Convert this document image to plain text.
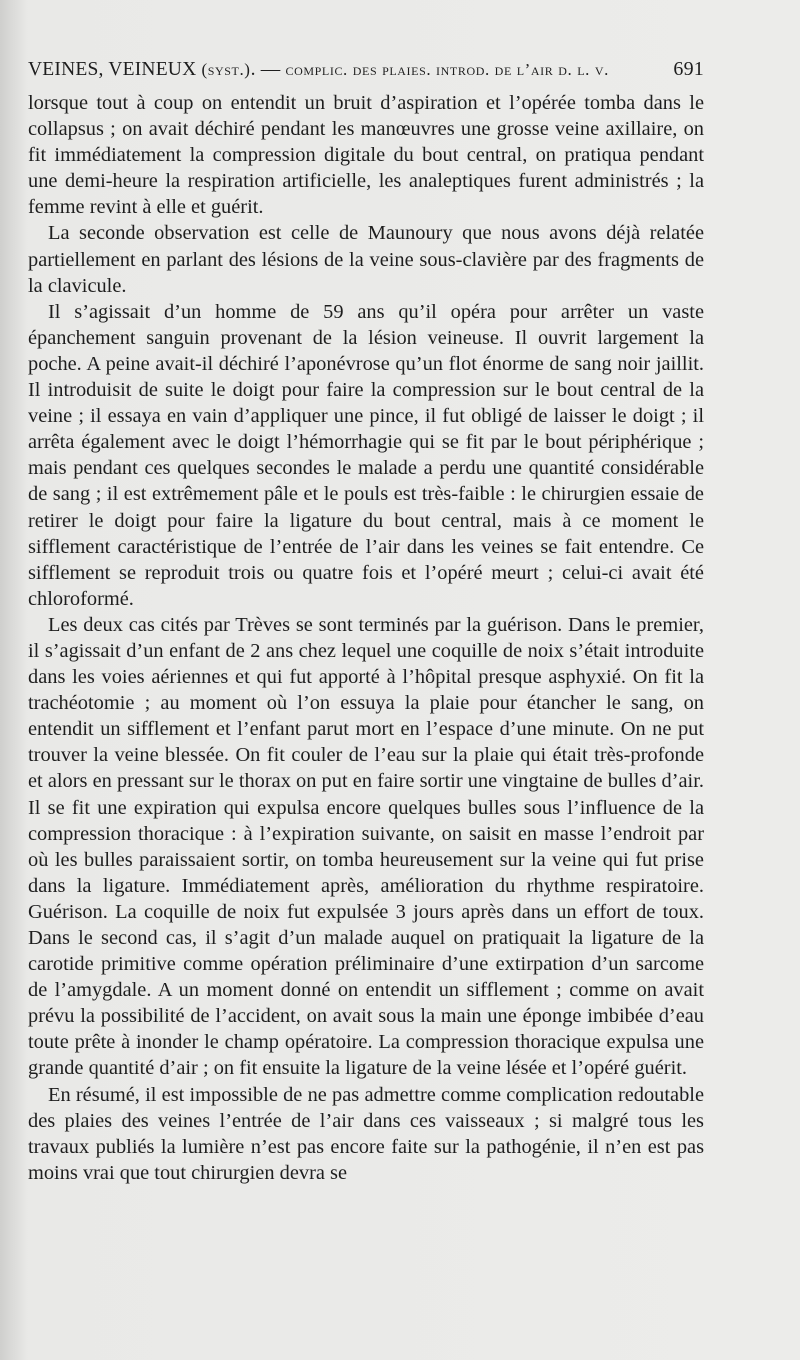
VEINES, VEINEUX (syst.). — complic. des plaies. introd. de l’air d. l. v.	691

lorsque tout à coup on entendit un bruit d’aspiration et l’opérée tomba dans le collapsus ; on avait déchiré pendant les manœuvres une grosse veine axillaire, on fit immédiatement la compression digitale du bout central, on pratiqua pendant une demi-heure la respiration artificielle, les analeptiques furent administrés ; la femme revint à elle et guérit.

La seconde observation est celle de Maunoury que nous avons déjà relatée partiellement en parlant des lésions de la veine sous-clavière par des fragments de la clavicule.

Il s’agissait d’un homme de 59 ans qu’il opéra pour arrêter un vaste épanchement sanguin provenant de la lésion veineuse. Il ouvrit largement la poche. A peine avait-il déchiré l’aponévrose qu’un flot énorme de sang noir jaillit. Il introduisit de suite le doigt pour faire la compression sur le bout central de la veine ; il essaya en vain d’appliquer une pince, il fut obligé de laisser le doigt ; il arrêta également avec le doigt l’hémorrhagie qui se fit par le bout périphérique ; mais pendant ces quelques secondes le malade a perdu une quantité considérable de sang ; il est extrêmement pâle et le pouls est très-faible : le chirurgien essaie de retirer le doigt pour faire la ligature du bout central, mais à ce moment le sifflement caractéristique de l’entrée de l’air dans les veines se fait entendre. Ce sifflement se reproduit trois ou quatre fois et l’opéré meurt ; celui-ci avait été chloroformé.

Les deux cas cités par Trèves se sont terminés par la guérison. Dans le premier, il s’agissait d’un enfant de 2 ans chez lequel une coquille de noix s’était introduite dans les voies aériennes et qui fut apporté à l’hôpital presque asphyxié. On fit la trachéotomie ; au moment où l’on essuya la plaie pour étancher le sang, on entendit un sifflement et l’enfant parut mort en l’espace d’une minute. On ne put trouver la veine blessée. On fit couler de l’eau sur la plaie qui était très-profonde et alors en pressant sur le thorax on put en faire sortir une vingtaine de bulles d’air. Il se fit une expiration qui expulsa encore quelques bulles sous l’influence de la compression thoracique : à l’expiration suivante, on saisit en masse l’endroit par où les bulles paraissaient sortir, on tomba heureusement sur la veine qui fut prise dans la ligature. Immédiatement après, amélioration du rhythme respiratoire. Guérison. La coquille de noix fut expulsée 3 jours après dans un effort de toux. Dans le second cas, il s’agit d’un malade auquel on pratiquait la ligature de la carotide primitive comme opération préliminaire d’une extirpation d’un sarcome de l’amygdale. A un moment donné on entendit un sifflement ; comme on avait prévu la possibilité de l’accident, on avait sous la main une éponge imbibée d’eau toute prête à inonder le champ opératoire. La compression thoracique expulsa une grande quantité d’air ; on fit ensuite la ligature de la veine lésée et l’opéré guérit.

En résumé, il est impossible de ne pas admettre comme complication redoutable des plaies des veines l’entrée de l’air dans ces vaisseaux ; si malgré tous les travaux publiés la lumière n’est pas encore faite sur la pathogénie, il n’en est pas moins vrai que tout chirurgien devra se
